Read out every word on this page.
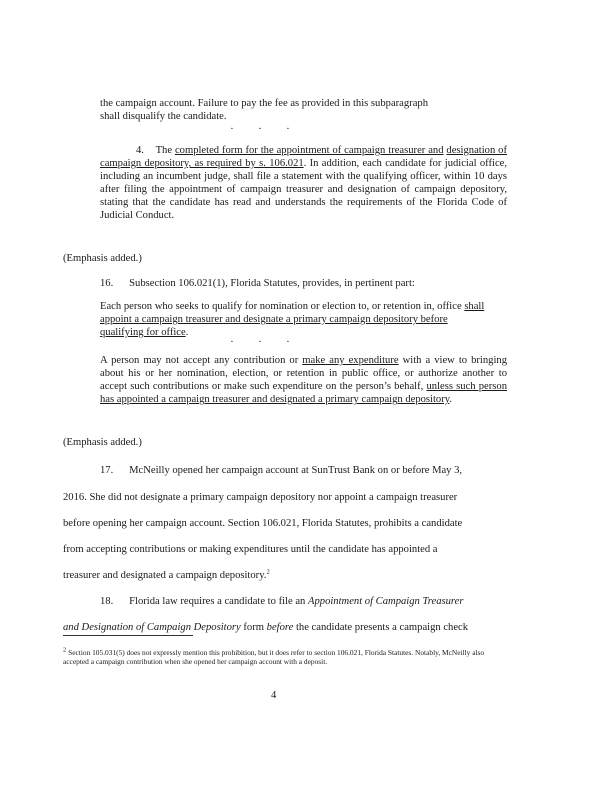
the campaign account. Failure to pay the fee as provided in this subparagraph
shall disqualify the candidate.
. . .
4. The completed form for the appointment of campaign treasurer and designation of campaign depository, as required by s. 106.021. In addition, each candidate for judicial office, including an incumbent judge, shall file a statement with the qualifying officer, within 10 days after filing the appointment of campaign treasurer and designation of campaign depository, stating that the candidate has read and understands the requirements of the Florida Code of Judicial Conduct.
(Emphasis added.)
16. Subsection 106.021(1), Florida Statutes, provides, in pertinent part:
Each person who seeks to qualify for nomination or election to, or retention in, office shall appoint a campaign treasurer and designate a primary campaign depository before qualifying for office.
. . .
A person may not accept any contribution or make any expenditure with a view to bringing about his or her nomination, election, or retention in public office, or authorize another to accept such contributions or make such expenditure on the person’s behalf, unless such person has appointed a campaign treasurer and designated a primary campaign depository.
(Emphasis added.)
17. McNeilly opened her campaign account at SunTrust Bank on or before May 3,
2016. She did not designate a primary campaign depository nor appoint a campaign treasurer
before opening her campaign account. Section 106.021, Florida Statutes, prohibits a candidate
from accepting contributions or making expenditures until the candidate has appointed a
treasurer and designated a campaign depository.$^2$
18. Florida law requires a candidate to file an Appointment of Campaign Treasurer
and Designation of Campaign Depository form before the candidate presents a campaign check
$^2$ Section 105.031(5) does not expressly mention this prohibition, but it does refer to section 106.021, Florida Statutes. Notably, McNeilly also accepted a campaign contribution when she opened her campaign account with a deposit.
4
